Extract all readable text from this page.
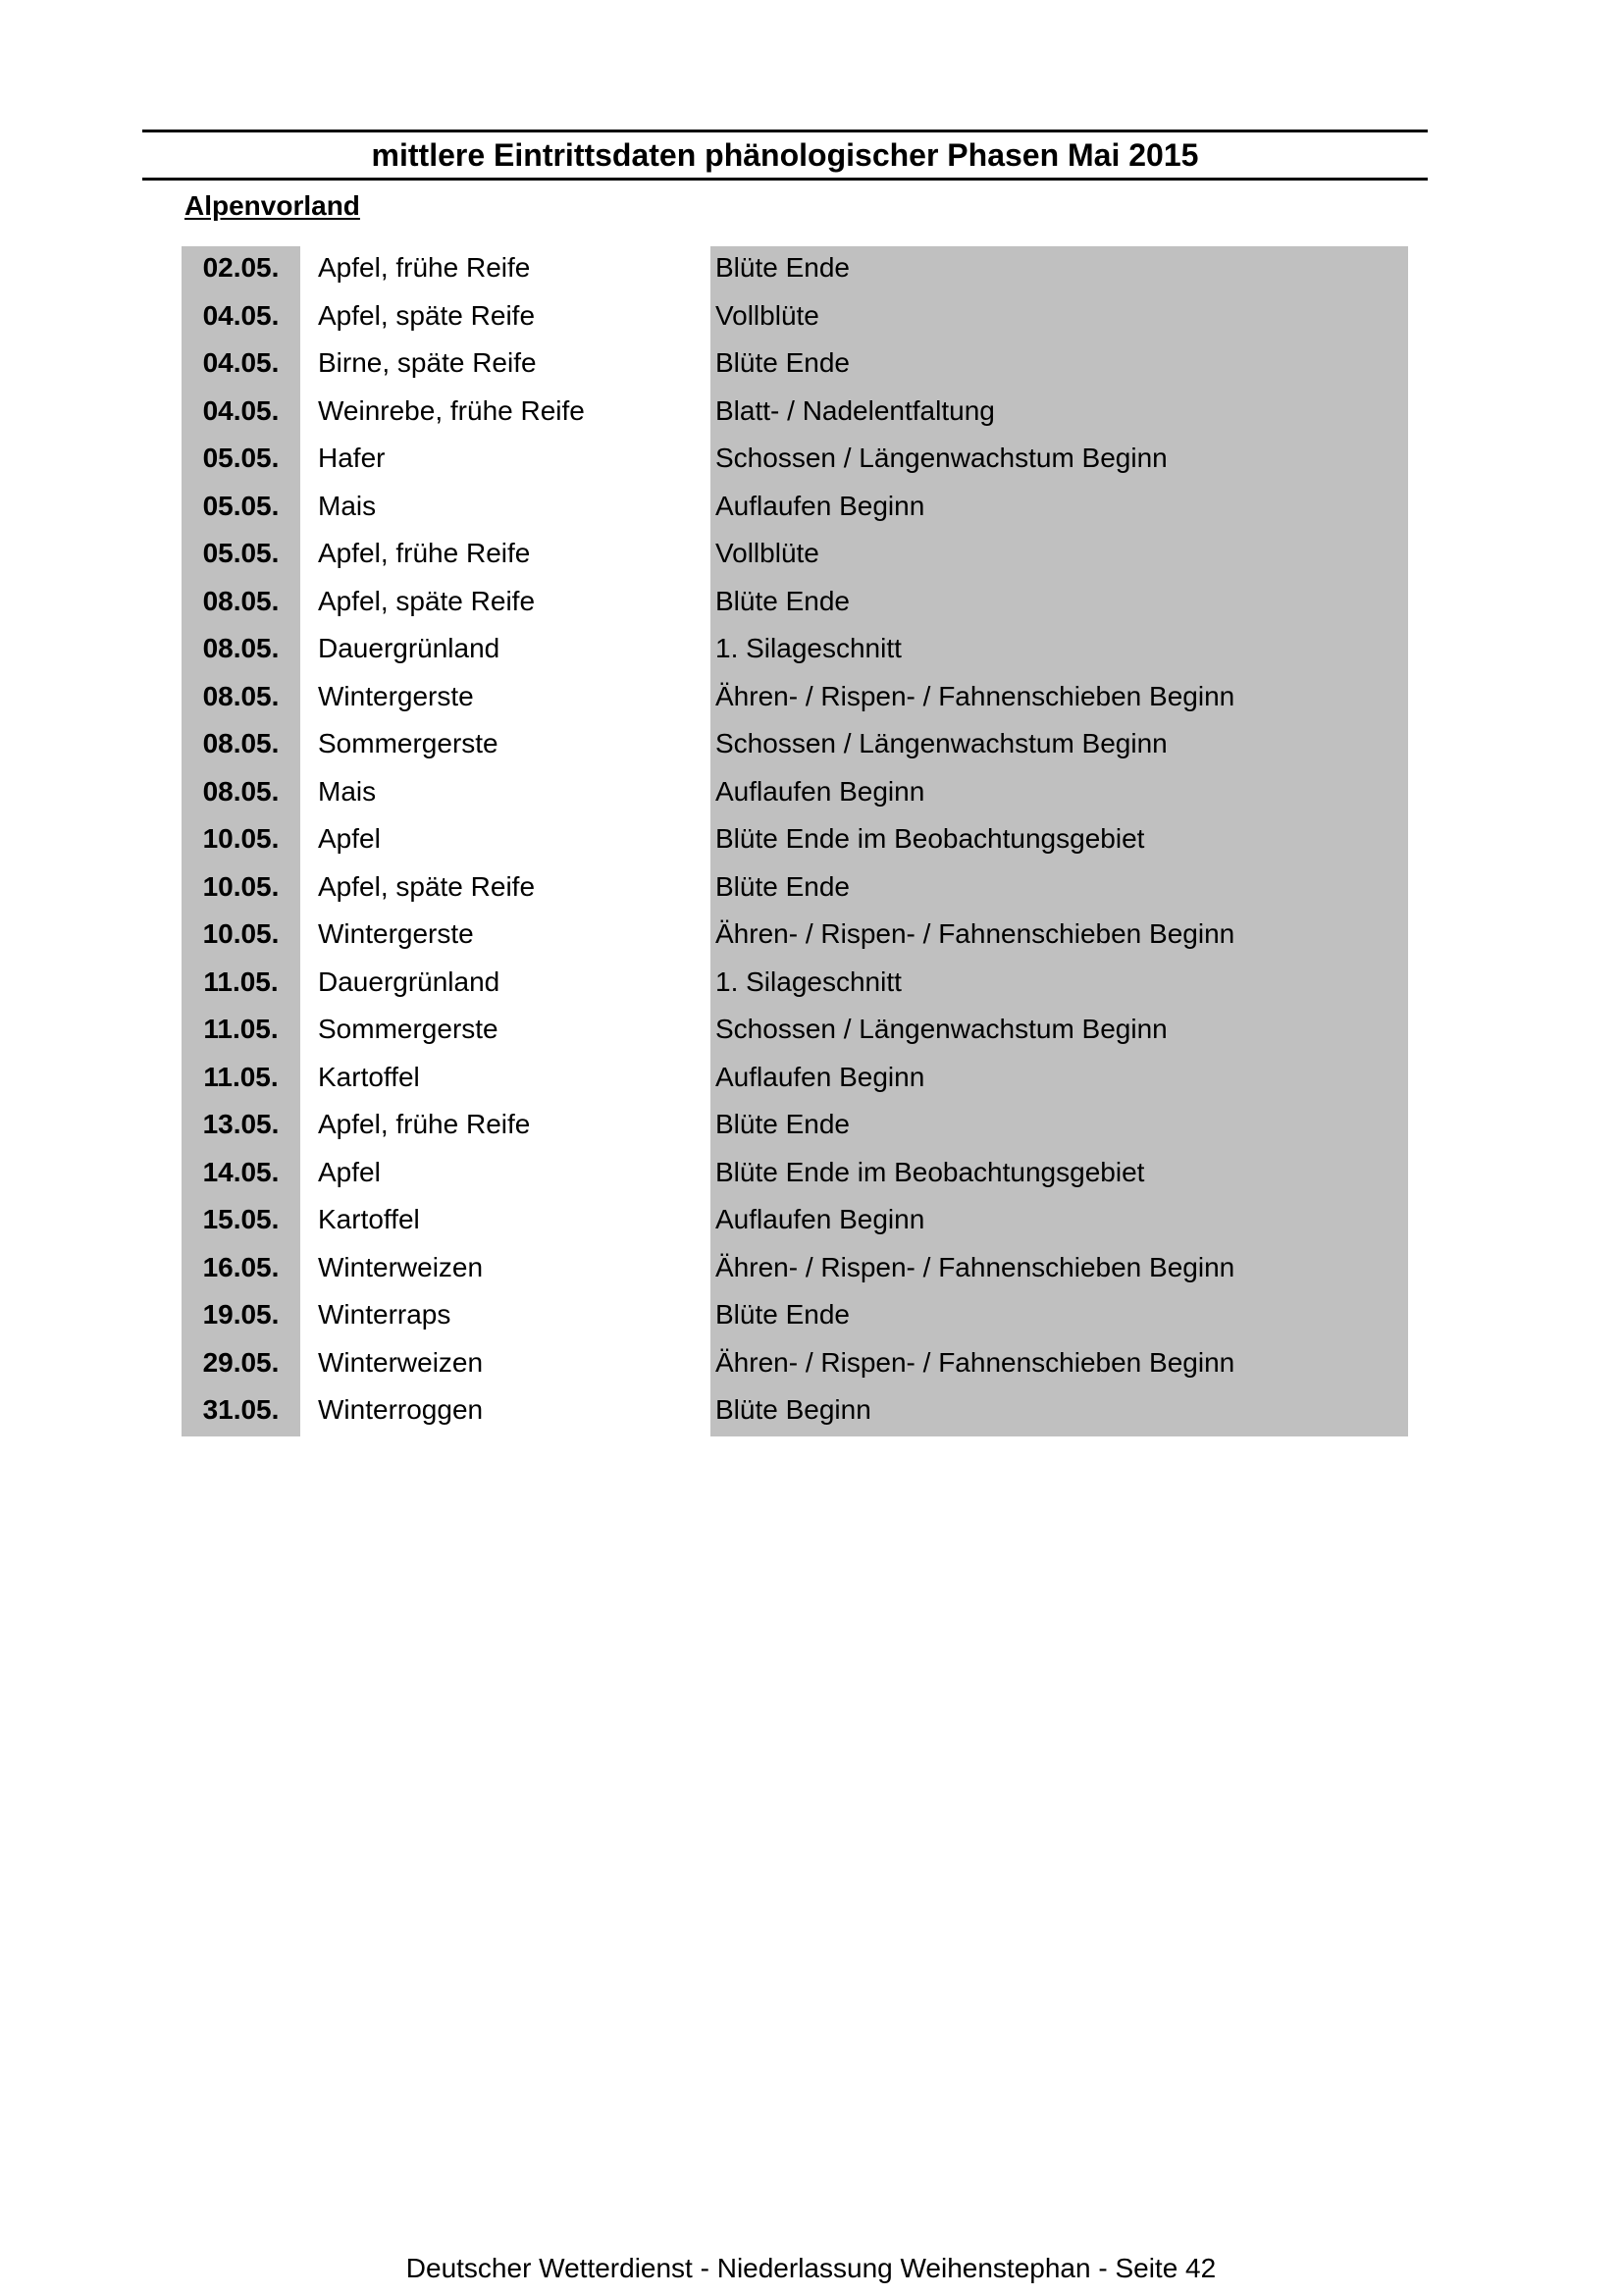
mittlere Eintrittsdaten phänologischer Phasen Mai 2015
Alpenvorland
02.05.	Apfel, frühe Reife	Blüte Ende
04.05.	Apfel, späte Reife	Vollblüte
04.05.	Birne, späte Reife	Blüte Ende
04.05.	Weinrebe, frühe Reife	Blatt- / Nadelentfaltung
05.05.	Hafer	Schossen / Längenwachstum Beginn
05.05.	Mais	Auflaufen Beginn
05.05.	Apfel, frühe Reife	Vollblüte
08.05.	Apfel, späte Reife	Blüte Ende
08.05.	Dauergrünland	1. Silageschnitt
08.05.	Wintergerste	Ähren- / Rispen- / Fahnenschieben Beginn
08.05.	Sommergerste	Schossen / Längenwachstum Beginn
08.05.	Mais	Auflaufen Beginn
10.05.	Apfel	Blüte Ende im Beobachtungsgebiet
10.05.	Apfel, späte Reife	Blüte Ende
10.05.	Wintergerste	Ähren- / Rispen- / Fahnenschieben Beginn
11.05.	Dauergrünland	1. Silageschnitt
11.05.	Sommergerste	Schossen / Längenwachstum Beginn
11.05.	Kartoffel	Auflaufen Beginn
13.05.	Apfel, frühe Reife	Blüte Ende
14.05.	Apfel	Blüte Ende im Beobachtungsgebiet
15.05.	Kartoffel	Auflaufen Beginn
16.05.	Winterweizen	Ähren- / Rispen- / Fahnenschieben Beginn
19.05.	Winterraps	Blüte Ende
29.05.	Winterweizen	Ähren- / Rispen- / Fahnenschieben Beginn
31.05.	Winterroggen	Blüte Beginn
Deutscher Wetterdienst - Niederlassung Weihenstephan - Seite 42
